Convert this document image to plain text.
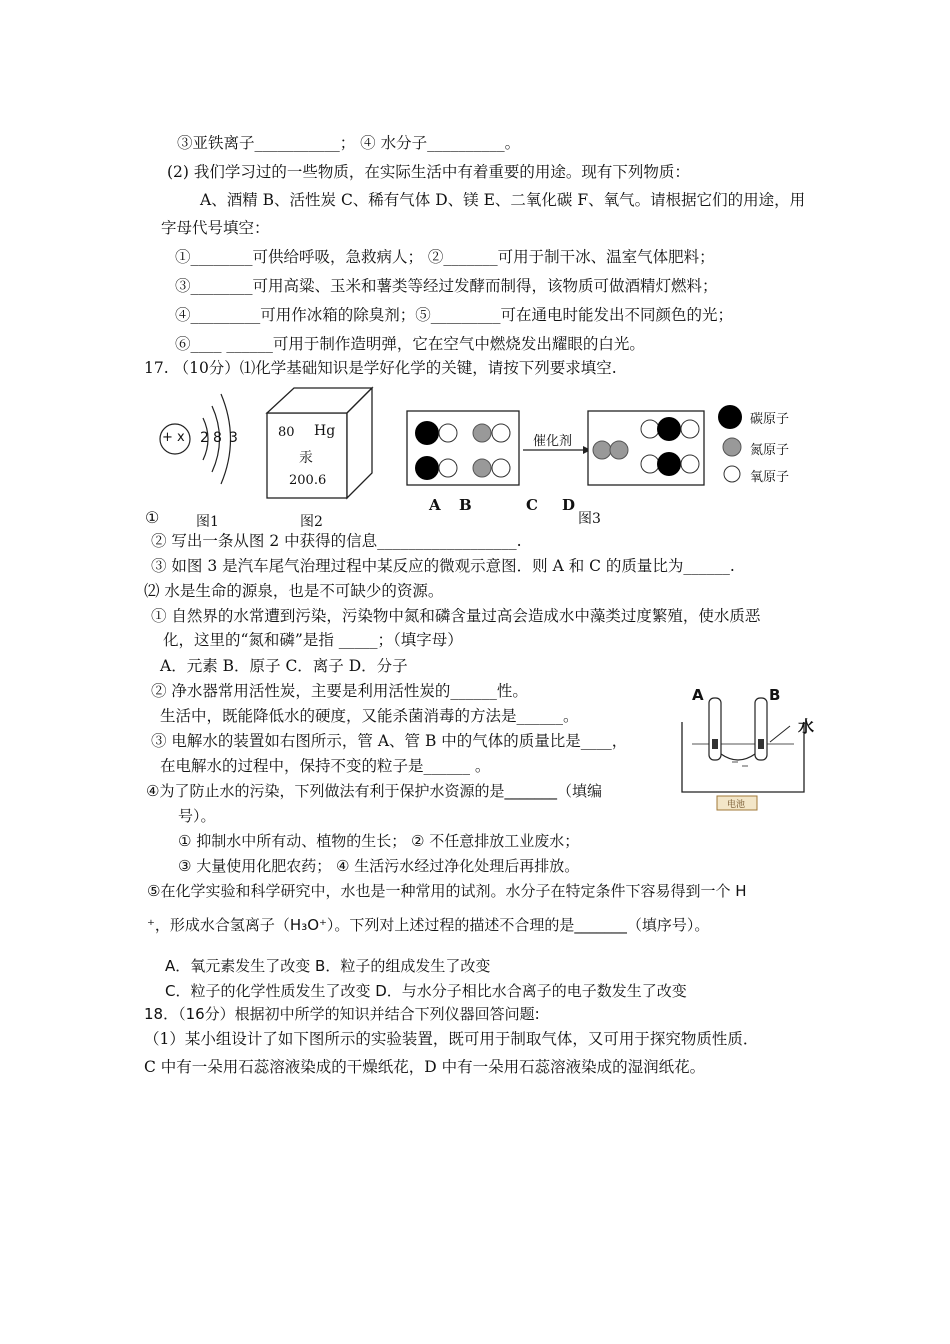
③亚铁离子___________； ④ 水分子__________。
(2) 我们学习过的一些物质，在实际生活中有着重要的用途。现有下列物质：
A、酒精 B、活性炭 C、稀有气体 D、镁 E、二氧化碳 F、氧气。请根据它们的用途，用
字母代号填空：
①________可供给呼吸，急救病人； ②_______可用于制干冰、温室气体肥料；
③________可用高粱、玉米和薯类等经过发酵而制得，该物质可做酒精灯燃料；
④_________可用作冰箱的除臭剂；⑤_________可在通电时能发出不同颜色的光；
⑥____ ______可用于制作造明弹，它在空气中燃烧发出耀眼的白光。
17. （10分）⑴化学基础知识是学好化学的关键，请按下列要求填空.
+ x 2 8 3
①	图1
80 Hg
汞
200.6
图2
催化剂
碳原子
氮原子
氧原子
A B	C D
图3
② 写出一条从图 2 中获得的信息__________________.
③ 如图 3 是汽车尾气治理过程中某反应的微观示意图．则 A 和 C 的质量比为______.
⑵ 水是生命的源泉，也是不可缺少的资源。
① 自然界的水常遭到污染，污染物中氮和磷含量过高会造成水中藻类过度繁殖，使水质恶
化，这里的“氮和磷”是指 _____；（填字母）
A．元素 B．原子 C．离子 D．分子
② 净水器常用活性炭，主要是利用活性炭的______性。
生活中，既能降低水的硬度，又能杀菌消毒的方法是______。
③ 电解水的装置如右图所示，管 A、管 B 中的气体的质量比是____，
在电解水的过程中，保持不变的粒子是______ 。
A	B
水
电池
④为了防止水的污染，下列做法有利于保护水资源的是_______（填编
号）。
① 抑制水中所有动、植物的生长； ② 不任意排放工业废水；
③ 大量使用化肥农药； ④ 生活污水经过净化处理后再排放。
⑤在化学实验和科学研究中，水也是一种常用的试剂。水分子在特定条件下容易得到一个 H
⁺，形成水合氢离子（H₃O⁺）。下列对上述过程的描述不合理的是_______（填序号）。
A．氧元素发生了改变 B．粒子的组成发生了改变
C．粒子的化学性质发生了改变 D．与水分子相比水合离子的电子数发生了改变
18．（16分）根据初中所学的知识并结合下列仪器回答问题:
（1）某小组设计了如下图所示的实验装置，既可用于制取气体，又可用于探究物质性质．
C 中有一朵用石蕊溶液染成的干燥纸花，D 中有一朵用石蕊溶液染成的湿润纸花。
